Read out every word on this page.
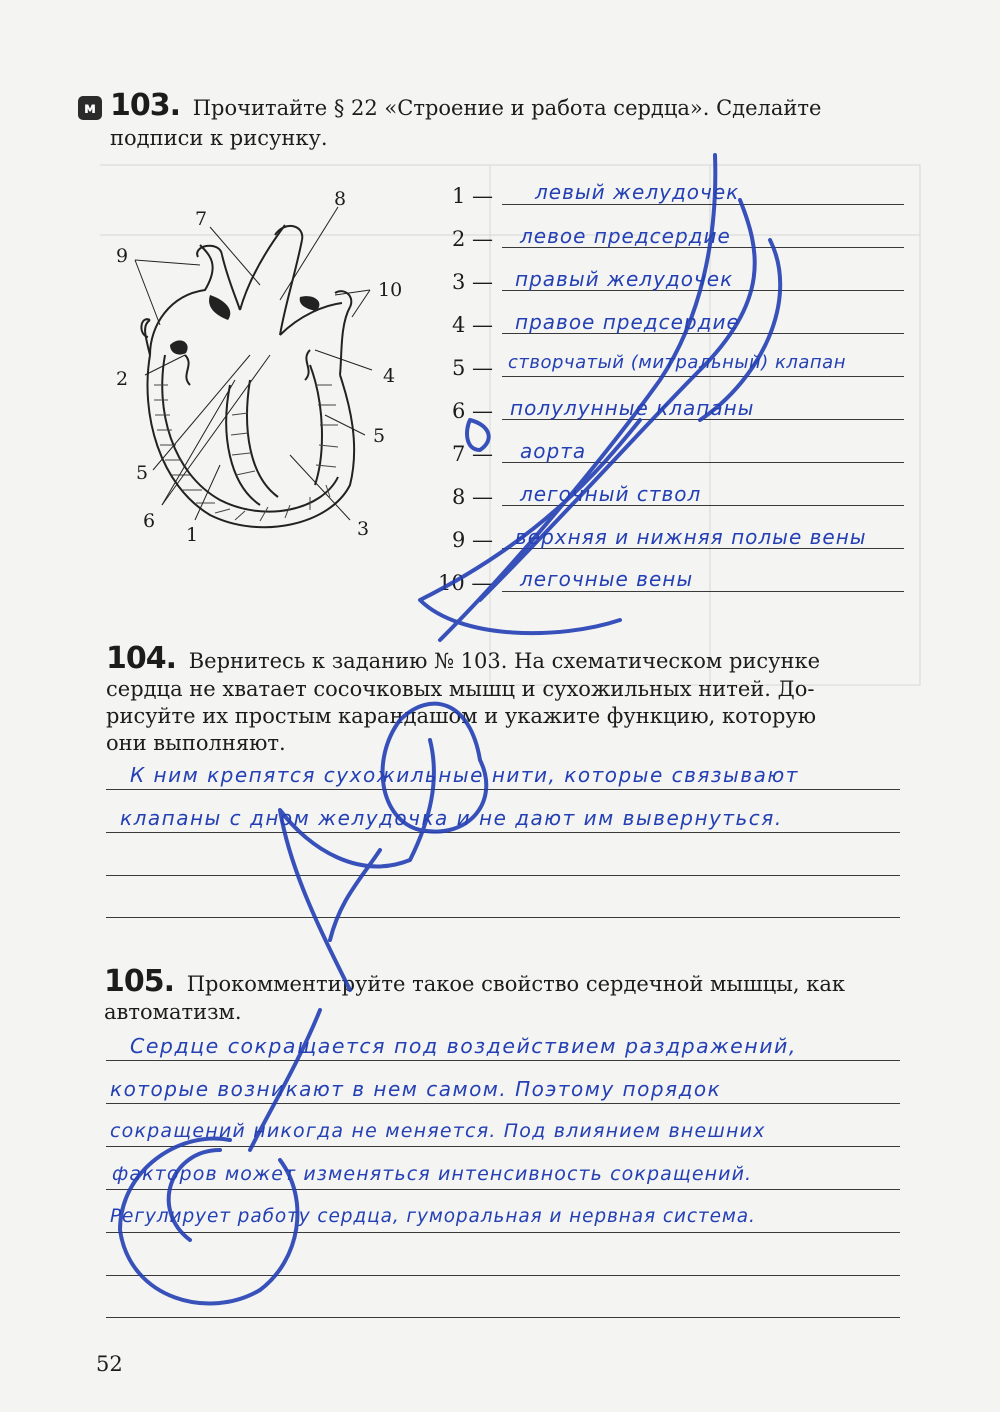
м 103. Прочитайте § 22 «Строение и работа сердца». Сделайте
подписи к рисунку.
7
8
9
10
2	4
5
5
6
1	3
1 — левый желудочек
2 — левое предсердие
3 — правый желудочек
4 — правое предсердие
5 — створчатый (митральный) клапан
6 — полулунные клапаны
7 — аорта
8 — легочный ствол
9 — верхняя и нижняя полые вены
10 — легочные вены
104. Вернитесь к заданию № 103. На схематическом рисунке
сердца не хватает сосочковых мышц и сухожильных нитей. До-
рисуйте их простым карандашом и укажите функцию, которую
они выполняют.
К ним крепятся сухожильные нити, которые связывают
клапаны с дном желудочка и не дают им вывернуться.
105. Прокомментируйте такое свойство сердечной мышцы, как
автоматизм.
Сердце сокращается под воздействием раздражений,
которые возникают в нем самом. Поэтому порядок
сокращений никогда не меняется. Под влиянием внешних
факторов может изменяться интенсивность сокращений.
Регулирует работу сердца, гуморальная и нервная система.
52
